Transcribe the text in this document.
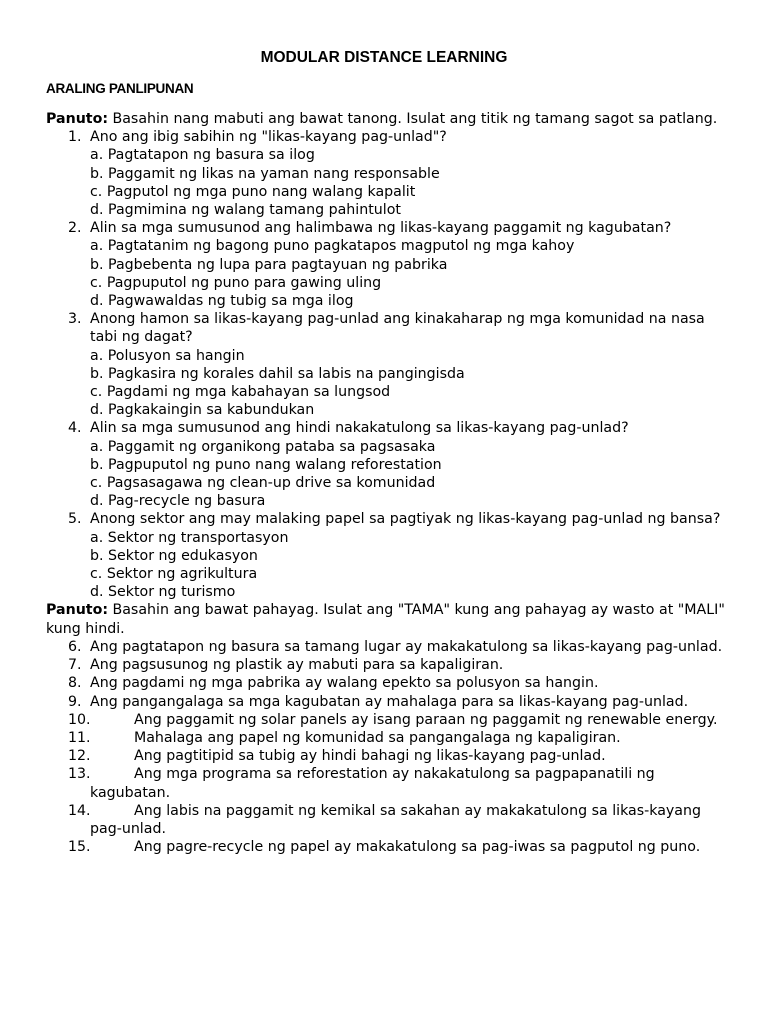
MODULAR DISTANCE LEARNING
ARALING PANLIPUNAN

Panuto: Basahin nang mabuti ang bawat tanong. Isulat ang titik ng tamang sagot sa patlang.

1. Ano ang ibig sabihin ng "likas-kayang pag-unlad"?
a. Pagtatapon ng basura sa ilog
b. Paggamit ng likas na yaman nang responsable
c. Pagputol ng mga puno nang walang kapalit
d. Pagmimina ng walang tamang pahintulot
2. Alin sa mga sumusunod ang halimbawa ng likas-kayang paggamit ng kagubatan?
a. Pagtatanim ng bagong puno pagkatapos magputol ng mga kahoy
b. Pagbebenta ng lupa para pagtayuan ng pabrika
c. Pagpuputol ng puno para gawing uling
d. Pagwawaldas ng tubig sa mga ilog
3. Anong hamon sa likas-kayang pag-unlad ang kinakaharap ng mga komunidad na nasa tabi ng dagat?
a. Polusyon sa hangin
b. Pagkasira ng korales dahil sa labis na pangingisda
c. Pagdami ng mga kabahayan sa lungsod
d. Pagkakaingin sa kabundukan
4. Alin sa mga sumusunod ang hindi nakakatulong sa likas-kayang pag-unlad?
a. Paggamit ng organikong pataba sa pagsasaka
b. Pagpuputol ng puno nang walang reforestation
c. Pagsasagawa ng clean-up drive sa komunidad
d. Pag-recycle ng basura
5. Anong sektor ang may malaking papel sa pagtiyak ng likas-kayang pag-unlad ng bansa?
a. Sektor ng transportasyon
b. Sektor ng edukasyon
c. Sektor ng agrikultura
d. Sektor ng turismo

Panuto: Basahin ang bawat pahayag. Isulat ang "TAMA" kung ang pahayag ay wasto at "MALI" kung hindi.

6. Ang pagtatapon ng basura sa tamang lugar ay makakatulong sa likas-kayang pag-unlad.
7. Ang pagsusunog ng plastik ay mabuti para sa kapaligiran.
8. Ang pagdami ng mga pabrika ay walang epekto sa polusyon sa hangin.
9. Ang pangangalaga sa mga kagubatan ay mahalaga para sa likas-kayang pag-unlad.
10.	Ang paggamit ng solar panels ay isang paraan ng paggamit ng renewable energy.
11.	Mahalaga ang papel ng komunidad sa pangangalaga ng kapaligiran.
12.	Ang pagtitipid sa tubig ay hindi bahagi ng likas-kayang pag-unlad.
13.	Ang mga programa sa reforestation ay nakakatulong sa pagpapanatili ng kagubatan.
14.	Ang labis na paggamit ng kemikal sa sakahan ay makakatulong sa likas-kayang pag-unlad.
15.	Ang pagre-recycle ng papel ay makakatulong sa pag-iwas sa pagputol ng puno.
